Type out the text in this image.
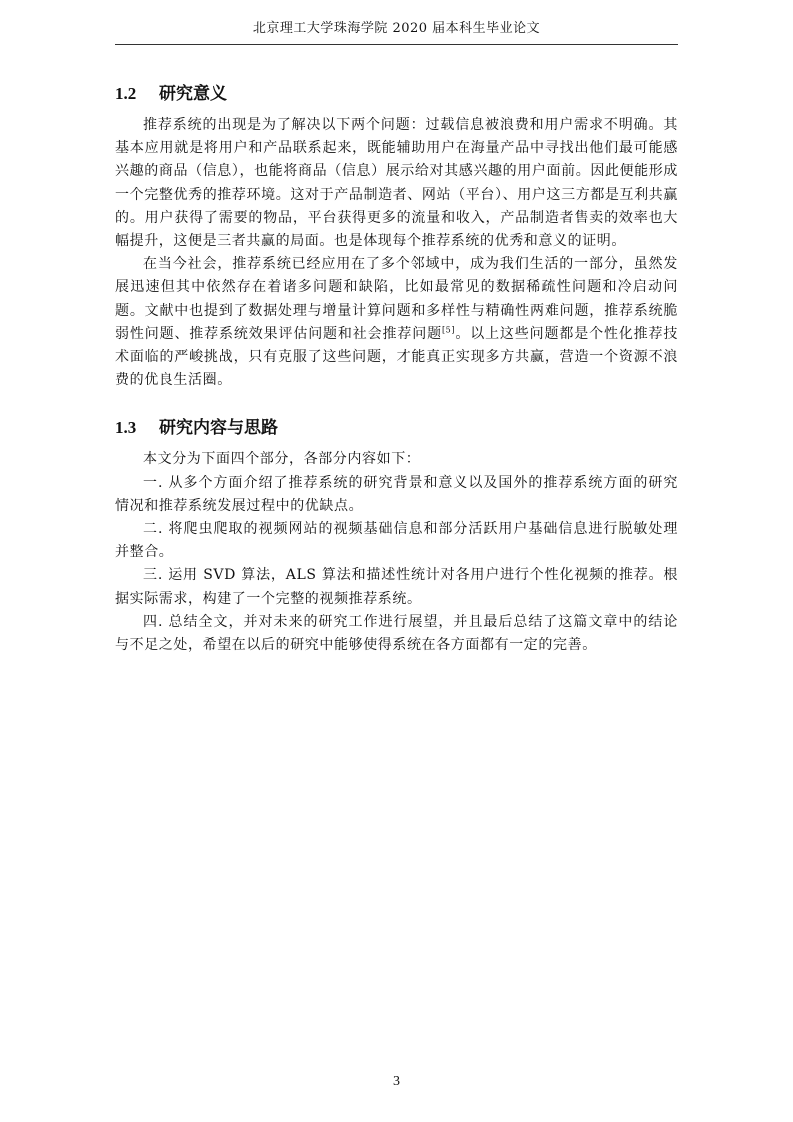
北京理工大学珠海学院 2020 届本科生毕业论文
1.2 研究意义

推荐系统的出现是为了解决以下两个问题：过载信息被浪费和用户需求不明确。其基本应用就是将用户和产品联系起来，既能辅助用户在海量产品中寻找出他们最可能感兴趣的商品（信息），也能将商品（信息）展示给对其感兴趣的用户面前。因此便能形成一个完整优秀的推荐环境。这对于产品制造者、网站（平台）、用户这三方都是互利共赢的。用户获得了需要的物品，平台获得更多的流量和收入，产品制造者售卖的效率也大幅提升，这便是三者共赢的局面。也是体现每个推荐系统的优秀和意义的证明。

在当今社会，推荐系统已经应用在了多个邻域中，成为我们生活的一部分，虽然发展迅速但其中依然存在着诸多问题和缺陷，比如最常见的数据稀疏性问题和冷启动问题。文献中也提到了数据处理与增量计算问题和多样性与精确性两难问题，推荐系统脆弱性问题、推荐系统效果评估问题和社会推荐问题[5]。以上这些问题都是个性化推荐技术面临的严峻挑战，只有克服了这些问题，才能真正实现多方共赢，营造一个资源不浪费的优良生活圈。

1.3 研究内容与思路

本文分为下面四个部分，各部分内容如下：

一. 从多个方面介绍了推荐系统的研究背景和意义以及国外的推荐系统方面的研究情况和推荐系统发展过程中的优缺点。

二. 将爬虫爬取的视频网站的视频基础信息和部分活跃用户基础信息进行脱敏处理并整合。

三. 运用 SVD 算法，ALS 算法和描述性统计对各用户进行个性化视频的推荐。根据实际需求，构建了一个完整的视频推荐系统。

四. 总结全文，并对未来的研究工作进行展望，并且最后总结了这篇文章中的结论与不足之处，希望在以后的研究中能够使得系统在各方面都有一定的完善。

3
